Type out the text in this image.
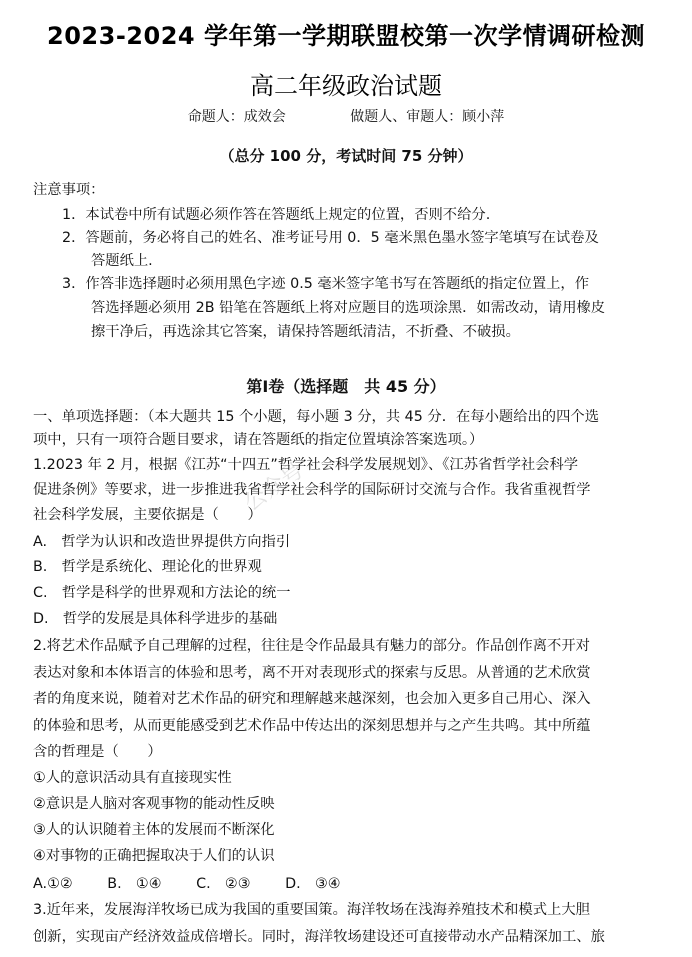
2023-2024 学年第一学期联盟校第一次学情调研检测
高二年级政治试题
命题人：成效会	做题人、审题人：顾小萍
（总分 100 分，考试时间 75 分钟）
注意事项：
1．本试卷中所有试题必须作答在答题纸上规定的位置，否则不给分.
2．答题前，务必将自己的姓名、准考证号用 0．5 毫米黑色墨水签字笔填写在试卷及
答题纸上.
3．作答非选择题时必须用黑色字迹 0.5 毫米签字笔书写在答题纸的指定位置上，作
答选择题必须用 2B 铅笔在答题纸上将对应题目的选项涂黑．如需改动，请用橡皮
擦干净后，再选涂其它答案，请保持答题纸清洁，不折叠、不破损。
第Ⅰ卷（选择题　共 45 分）
一、单项选择题：（本大题共 15 个小题，每小题 3 分，共 45 分．在每小题给出的四个选
项中，只有一项符合题目要求，请在答题纸的指定位置填涂答案选项。）
1.2023 年 2 月，根据《江苏“十四五”哲学社会科学发展规划》、《江苏省哲学社会科学
促进条例》等要求，进一步推进我省哲学社会科学的国际研讨交流与合作。我省重视哲学
社会科学发展，主要依据是（　　）
A.　哲学为认识和改造世界提供方向指引
B.　哲学是系统化、理论化的世界观
C.　哲学是科学的世界观和方法论的统一
D.　哲学的发展是具体科学进步的基础
2.将艺术作品赋予自己理解的过程，往往是令作品最具有魅力的部分。作品创作离不开对
表达对象和本体语言的体验和思考，离不开对表现形式的探索与反思。从普通的艺术欣赏
者的角度来说，随着对艺术作品的研究和理解越来越深刻，也会加入更多自己用心、深入
的体验和思考，从而更能感受到艺术作品中传达出的深刻思想并与之产生共鸣。其中所蕴
含的哲理是（　　）
①人的意识活动具有直接现实性
②意识是人脑对客观事物的能动性反映
③人的认识随着主体的发展而不断深化
④对事物的正确把握取决于人们的认识
A.①② B.　①④ C.　②③ D.　③④
3.近年来，发展海洋牧场已成为我国的重要国策。海洋牧场在浅海养殖技术和模式上大胆
创新，实现亩产经济效益成倍增长。同时，海洋牧场建设还可直接带动水产品精深加工、旅
公众号
